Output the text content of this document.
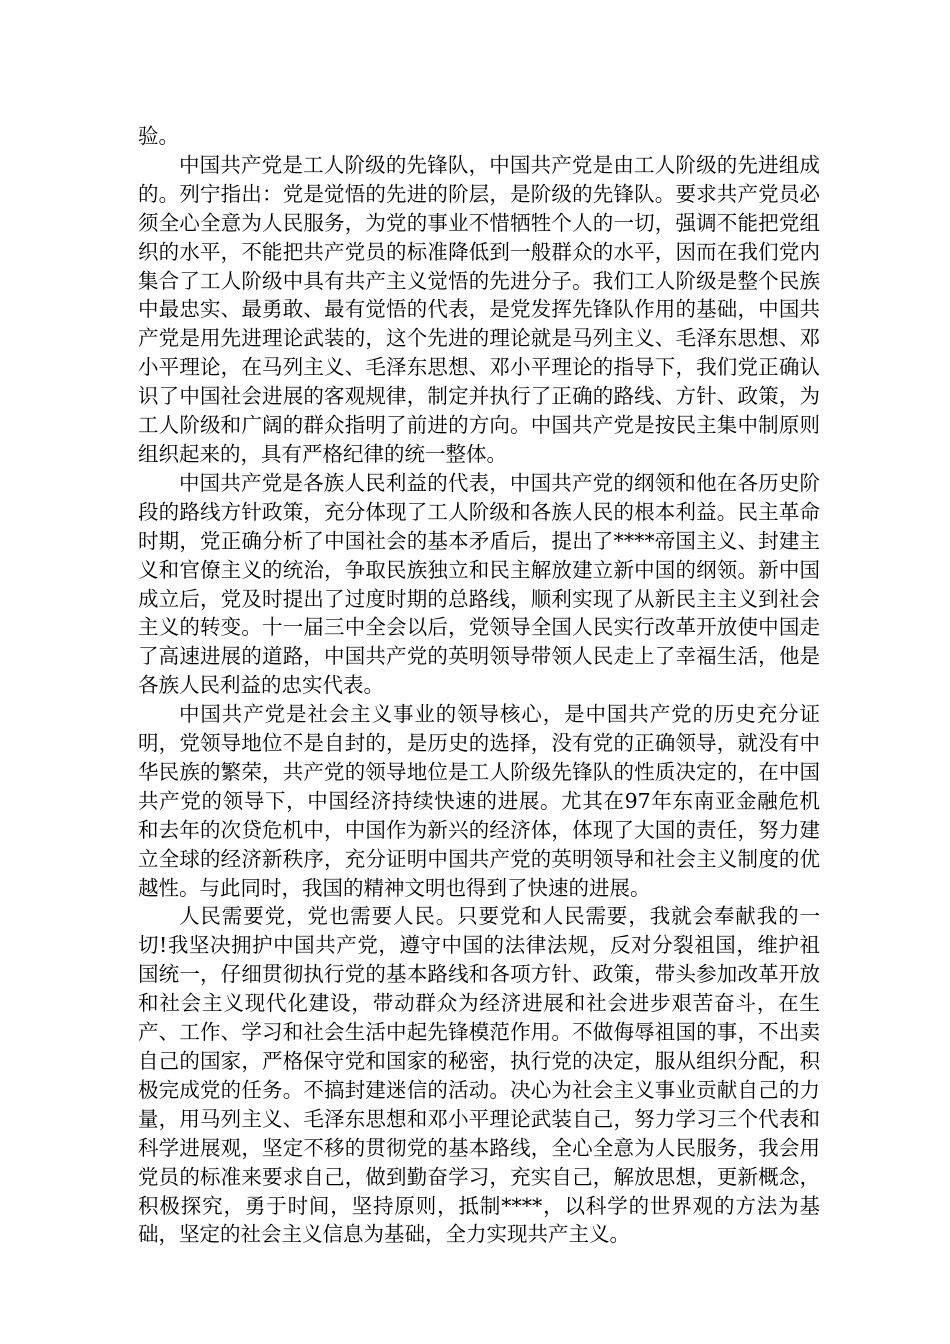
验。

中国共产党是工人阶级的先锋队，中国共产党是由工人阶级的先进组成的。列宁指出：党是觉悟的先进的阶层，是阶级的先锋队。要求共产党员必须全心全意为人民服务，为党的事业不惜牺牲个人的一切，强调不能把党组织的水平，不能把共产党员的标准降低到一般群众的水平，因而在我们党内集合了工人阶级中具有共产主义觉悟的先进分子。我们工人阶级是整个民族中最忠实、最勇敢、最有觉悟的代表，是党发挥先锋队作用的基础，中国共产党是用先进理论武装的，这个先进的理论就是马列主义、毛泽东思想、邓小平理论，在马列主义、毛泽东思想、邓小平理论的指导下，我们党正确认识了中国社会进展的客观规律，制定并执行了正确的路线、方针、政策，为工人阶级和广阔的群众指明了前进的方向。中国共产党是按民主集中制原则组织起来的，具有严格纪律的统一整体。

中国共产党是各族人民利益的代表，中国共产党的纲领和他在各历史阶段的路线方针政策，充分体现了工人阶级和各族人民的根本利益。民主革命时期，党正确分析了中国社会的基本矛盾后，提出了****帝国主义、封建主义和官僚主义的统治，争取民族独立和民主解放建立新中国的纲领。新中国成立后，党及时提出了过度时期的总路线，顺利实现了从新民主主义到社会主义的转变。十一届三中全会以后，党领导全国人民实行改革开放使中国走了高速进展的道路，中国共产党的英明领导带领人民走上了幸福生活，他是各族人民利益的忠实代表。

中国共产党是社会主义事业的领导核心，是中国共产党的历史充分证明，党领导地位不是自封的，是历史的选择，没有党的正确领导，就没有中华民族的繁荣，共产党的领导地位是工人阶级先锋队的性质决定的，在中国共产党的领导下，中国经济持续快速的进展。尤其在97年东南亚金融危机和去年的次贷危机中，中国作为新兴的经济体，体现了大国的责任，努力建立全球的经济新秩序，充分证明中国共产党的英明领导和社会主义制度的优越性。与此同时，我国的精神文明也得到了快速的进展。

人民需要党，党也需要人民。只要党和人民需要，我就会奉献我的一切!我坚决拥护中国共产党，遵守中国的法律法规，反对分裂祖国，维护祖国统一，仔细贯彻执行党的基本路线和各项方针、政策，带头参加改革开放和社会主义现代化建设，带动群众为经济进展和社会进步艰苦奋斗，在生产、工作、学习和社会生活中起先锋模范作用。不做侮辱祖国的事，不出卖自己的国家，严格保守党和国家的秘密，执行党的决定，服从组织分配，积极完成党的任务。不搞封建迷信的活动。决心为社会主义事业贡献自己的力量，用马列主义、毛泽东思想和邓小平理论武装自己，努力学习三个代表和科学进展观，坚定不移的贯彻党的基本路线，全心全意为人民服务，我会用党员的标准来要求自己，做到勤奋学习，充实自己，解放思想，更新概念，积极探究，勇于时间，坚持原则，抵制****，以科学的世界观的方法为基础，坚定的社会主义信息为基础，全力实现共产主义。
